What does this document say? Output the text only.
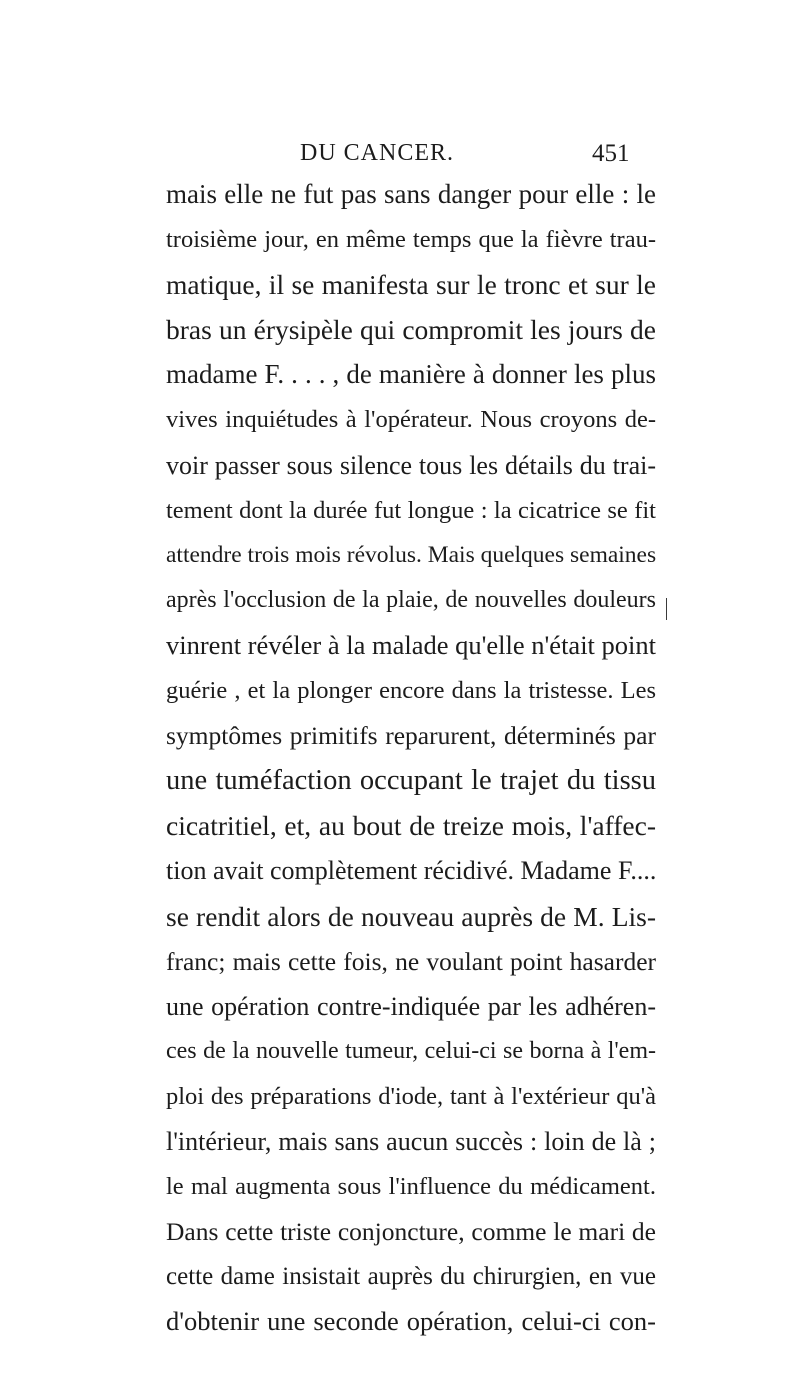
DU CANCER.	451
mais elle ne fut pas sans danger pour elle : le
troisième jour, en même temps que la fièvre trau-
matique, il se manifesta sur le tronc et sur le
bras un érysipèle qui compromit les jours de
madame F. . . . , de manière à donner les plus
vives inquiétudes à l'opérateur. Nous croyons de-
voir passer sous silence tous les détails du trai-
tement dont la durée fut longue : la cicatrice se fit
attendre trois mois révolus. Mais quelques semaines
après l'occlusion de la plaie, de nouvelles douleurs
vinrent révéler à la malade qu'elle n'était point
guérie , et la plonger encore dans la tristesse. Les
symptômes primitifs reparurent, déterminés par
une tuméfaction occupant le trajet du tissu
cicatritiel, et, au bout de treize mois, l'affec-
tion avait complètement récidivé. Madame F....
se rendit alors de nouveau auprès de M. Lis-
franc; mais cette fois, ne voulant point hasarder
une opération contre-indiquée par les adhéren-
ces de la nouvelle tumeur, celui-ci se borna à l'em-
ploi des préparations d'iode, tant à l'extérieur qu'à
l'intérieur, mais sans aucun succès : loin de là ;
le mal augmenta sous l'influence du médicament.
Dans cette triste conjoncture, comme le mari de
cette dame insistait auprès du chirurgien, en vue
d'obtenir une seconde opération, celui-ci con-
